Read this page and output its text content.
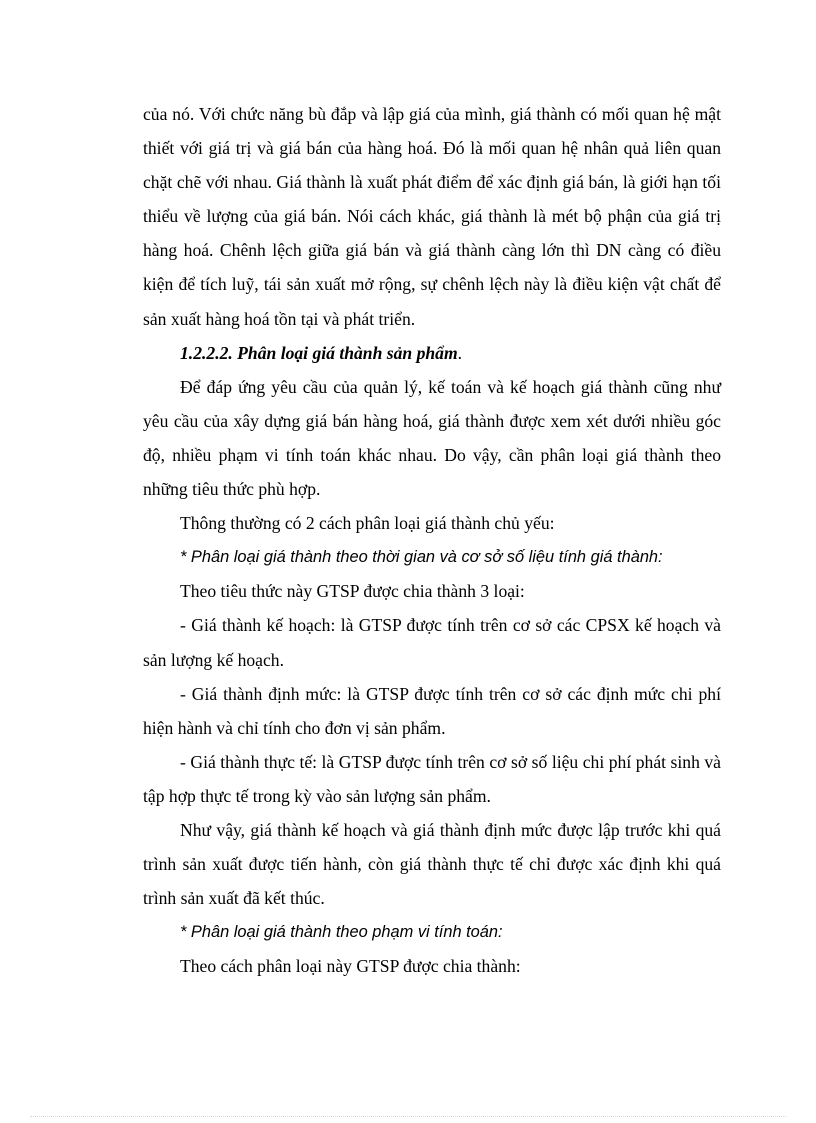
của nó. Với chức năng bù đắp và lập giá của mình, giá thành có mối quan hệ mật thiết với giá trị và giá bán của hàng hoá. Đó là mối quan hệ nhân quả liên quan chặt chẽ với nhau. Giá thành là xuất phát điểm để xác định giá bán, là giới hạn tối thiểu về lượng của giá bán. Nói cách khác, giá thành là mét bộ phận của giá trị hàng hoá. Chênh lệch giữa giá bán và giá thành càng lớn thì DN càng có điều kiện để tích luỹ, tái sản xuất mở rộng, sự chênh lệch này là điều kiện vật chất để sản xuất hàng hoá tồn tại và phát triển.

1.2.2.2. Phân loại giá thành sản phẩm.

Để đáp ứng yêu cầu của quản lý, kế toán và kế hoạch giá thành cũng như yêu cầu của xây dựng giá bán hàng hoá, giá thành được xem xét dưới nhiều góc độ, nhiều phạm vi tính toán khác nhau. Do vậy, cần phân loại giá thành theo những tiêu thức phù hợp.

Thông thường có 2 cách phân loại giá thành chủ yếu:

* Phân loại giá thành theo thời gian và cơ sở số liệu tính giá thành:

Theo tiêu thức này GTSP được chia thành 3 loại:

- Giá thành kế hoạch: là GTSP được tính trên cơ sở các CPSX kế hoạch và sản lượng kế hoạch.

- Giá thành định mức: là GTSP được tính trên cơ sở các định mức chi phí hiện hành và chỉ tính cho đơn vị sản phẩm.

- Giá thành thực tế: là GTSP được tính trên cơ sở số liệu chi phí phát sinh và tập hợp thực tế trong kỳ vào sản lượng sản phẩm.

Như vậy, giá thành kế hoạch và giá thành định mức được lập trước khi quá trình sản xuất được tiến hành, còn giá thành thực tế chỉ được xác định khi quá trình sản xuất đã kết thúc.

* Phân loại giá thành theo phạm vi tính toán:

Theo cách phân loại này GTSP được chia thành:
